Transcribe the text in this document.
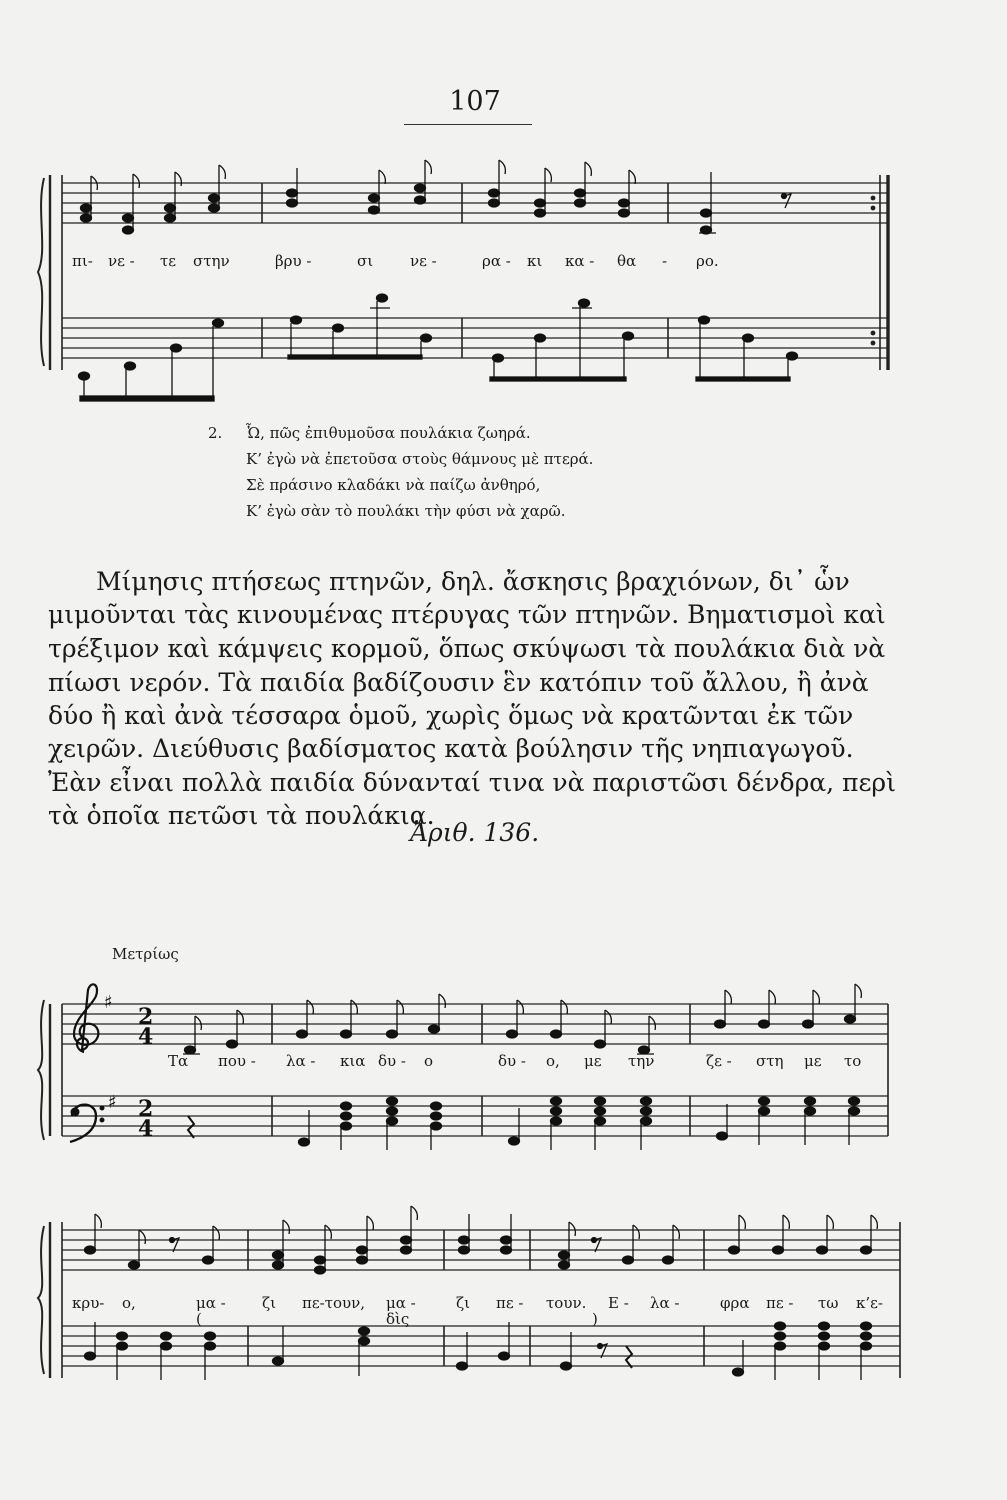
107
♯
2
4
♯ 2
4
πι- νε - τε στην	βρυ -	σι νε -	ρα - κι κα - θα - ρο.
2. Ὦ, πῶς ἐπιθυμοῦσα πουλάκια ζωηρά.
Κ’ ἐγὼ νὰ ἐπετοῦσα στοὺς θάμνους μὲ πτερά.
Σὲ πράσινο κλαδάκι νὰ παίζω ἀνθηρό,
Κ’ ἐγὼ σὰν τὸ πουλάκι τὴν φύσι νὰ χαρῶ.
Μίμησις πτήσεως πτηνῶν, δηλ. ἄσκησις βραχιόνων, δι᾽ ὧν
μιμοῦνται τὰς κινουμένας πτέρυγας τῶν πτηνῶν. Βηματισμοὶ καὶ
τρέξιμον καὶ κάμψεις κορμοῦ, ὅπως σκύψωσι τὰ πουλάκια διὰ νὰ
πίωσι νερόν. Τὰ παιδία βαδίζουσιν ἓν κατόπιν τοῦ ἄλλου, ἢ ἀνὰ
δύο ἢ καὶ ἀνὰ τέσσαρα ὁμοῦ, χωρὶς ὅμως νὰ κρατῶνται ἐκ τῶν
χειρῶν. Διεύθυσις βαδίσματος κατὰ βούλησιν τῆς νηπιαγωγοῦ.
Ἐὰν εἶναι πολλὰ παιδία δύνανταί τινα νὰ παριστῶσι δένδρα, περὶ
τὰ ὁποῖα πετῶσι τὰ πουλάκια.
Ἀριθ. 136.
Μετρίως
Τα που - λα - κια δυ - ο	δυ - ο, με την	ζε - στη με το
κρυ- ο,	μα - ζι πε-τουν, μα -	ζι πε - τουν. Ε - λα -	φρα πε - τω κ’ε-
(	δὶς	)
